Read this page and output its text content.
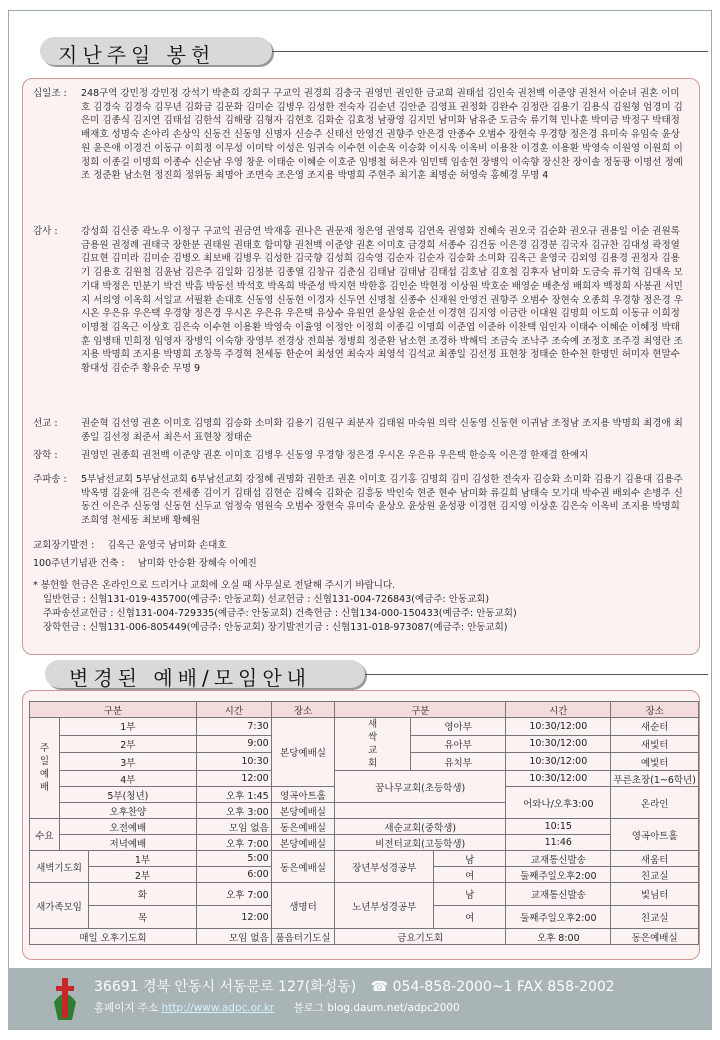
지난주일 봉헌
십일조 :	248구역 강민정 강민정 강석기 박춘희 강희구 구교익 권경희 김충국 권영민 권인한 금교희 권태섭 김인숙 권천백 이준양 권천서 이순녀 권혼 이미호 김경숙 김경숙 김무년 김화금 김문화 김미순 김병우 김성한 전숙자 김순년 김안준 김영표 권정화 김완수 김정란 김용기 김용식 김원형 엄경미 김은미 김종식 김지연 김태섭 김한석 김해랑 김형자 김현호 김화순 김효정 남광영 김지민 남미화 남유준 도금숙 류기혁 민나훈 박미금 박정구 박태정 배재호 성명숙 손아리 손상익 신동건 신동영 신명자 신승주 신태선 안영건 권향주 안은경 안종수 오범수 장현숙 우경향 정은경 유미숙 유임숙 윤상원 윤은애 이경건 이동규 이희정 이무성 이미탁 이성은 임귀숙 이수현 이순옥 이승화 이시욱 이옥비 이용찬 이경훈 이용환 박영숙 이원영 이원희 이정희 이종길 이명희 이종수 신순남 우영 창운 이태순 이혜순 이호준 임병철 허은자 임민택 임송현 장병익 이숙향 장신찬 장이솔 정동광 이명선 정예조 정준환 남소현 정진희 정위동 최명아 조면숙 조은영 조지용 박명희 주현주 최기훈 최명순 허영숙 홍혜경 무명 4
감사 :	강성희 김신중 곽노우 이정구 구교익 권금연 박재홍 권나은 권문재 정은영 권영록 김연옥 권영화 진혜숙 권오국 김순화 권오규 권용일 이순 권원록 금용원 권정례 권태국 장한분 권태원 권태호 함미향 권천백 이준양 권혼 이미호 금경희 서종수 김건동 이은경 김경분 김국자 김규찬 김대성 곽정열 김묘현 김미라 김미순 김병오 최보배 김병우 김성한 김국향 김성희 김숙영 김순자 김순자 김승화 소미화 김옥근 윤영국 김외영 김용경 권정자 김용기 김용호 김원철 김윤남 김은주 김일화 김정분 김종열 김창규 김춘심 김태남 김태남 김태섭 김호남 김호철 김후자 남미화 도금숙 류기혁 김대옥 모기대 박정은 민분기 박건 박흠 박동선 박석호 박옥희 박준성 박지현 박한흥 김인순 박현정 이상원 박호순 배영순 배춘성 배희자 백정희 사봉권 서민지 서의영 이옥희 서일교 서필환 손대호 신동영 신동현 이경자 신두연 신명철 신종수 신재원 안영건 권향주 오범수 장현숙 오종희 우경향 정은경 우시온 우은유 우은택 우경향 정은경 우시온 우은유 우은택 유상수 유원연 윤상원 윤순선 이경현 김지영 이금란 이대원 김명희 이도희 이동규 이희정 이명철 김옥근 이상호 김은숙 이수현 이용환 박영숙 이율영 이정안 이정희 이종길 이명희 이준엽 이준하 이찬택 임인자 이태수 이혜순 이혜정 박태훈 임병태 민희정 임영자 장병익 이숙향 장영부 전경상 전희봉 정병희 정준환 남소현 조경하 박해덕 조금숙 조낙주 조숙예 조정호 조주경 최영란 조지용 박명희 조지용 박명희 조창묵 주경혁 천세동 한순여 최성연 최숙자 최영석 김석교 최종일 김선정 표현창 정태순 한수천 한명민 허미자 현말수 황대성 김순주 황유순 무명 9
선교 :	권순혁 김선영 권혼 이미호 김명희 김승화 소미화 김용기 김원구 최분자 김태원 마숙원 의락 신동영 신동현 이귀남 조정남 조지용 박명희 최경애 최종일 김선정 최준서 최은서 표현창 정태순
장학 :	권영민 권종희 권천백 이준양 권혼 이미호 김병우 신동영 우경향 정은경 우시온 우은유 우은택 한승욱 이은경 한재결 한예지
주파송 :	5부남선교회 5부남선교회 6부남선교회 강정혜 권명화 권한조 권혼 이미호 김기홍 김명희 김미 김성한 전숙자 김승화 소미화 김용기 김용대 김용주 박옥명 김윤애 김은숙 전세종 김이기 김태섭 김현순 김혜숙 김화순 김흥동 박인숙 현준 현수 남미화 류길희 남태숙 모기대 박수권 배외수 손병주 신동건 이은주 신동영 신동현 신두교 엄정숙 염원숙 오범수 장현숙 유미숙 윤상오 윤상원 윤성광 이경현 김지영 이상훈 김은숙 이옥비 조지용 박명희 조희영 천세동 최보배 황혜원
교회장기발전 : 김옥근 윤영국 남미화 손대호
100주년기념관 건축 : 남미화 안승환 장혜숙 이예진
* 봉헌할 헌금은 온라인으로 드리거나 교회에 오실 때 사무실로 전달해 주시기 바랍니다.
일반헌금 : 신협131-019-435700(예금주: 안동교회) 선교헌금 : 신협131-004-726843(예금주: 안동교회)
주파송선교헌금 : 신협131-004-729335(예금주: 안동교회) 건축헌금 : 신협134-000-150433(예금주: 안동교회)
장학헌금 : 신협131-006-805449(예금주: 안동교회) 장기발전기금 : 신협131-018-973087(예금주: 안동교회)
변경된 예배/모임안내
구분			시간	장소	구분			시간	장소
주일예배	1부		7:30	본당예배실	새싹교회	영아부		10:30/12:00	새순터
	2부		9:00			유아부		10:30/12:00	새빛터
	3부		10:30			유치부		10:30/12:00	예빛터
	4부		12:00		꿈나무교회(초등학생)			10:30/12:00	푸른초장(1~6학년)
	5부(청년)		오후 1:45	영곡아트홀				어와나/오후3:00	온라인
	오후찬양		오후 3:00	본당예배실					
수요	오전예배		모임 없음	동은예배실	새순교회(중학생)			10:15	영곡아트홀
	저녁예배		오후 7:00	본당예배실	비전터교회(고등학생)			11:46	
새벽기도회		1부	5:00	동은예배실	장년부성경공부		남	교재통신발송	새움터
		2부	6:00				여	둘째주일오후2:00	친교실
새가족모임		화	오후 7:00	생명터	노년부성경공부		남	교재통신발송	빛님터
		목	12:00				여	둘째주일오후2:00	친교실
매일 오후기도회			모임 없음	품음터기도실	금요기도회			오후 8:00	동은예배실
36691 경북 안동시 서동문로 127(화성동) ☎ 054-858-2000~1 FAX 858-2002
홈페이지 주소 http://www.adpc.or.kr 블로그 blog.daum.net/adpc2000
